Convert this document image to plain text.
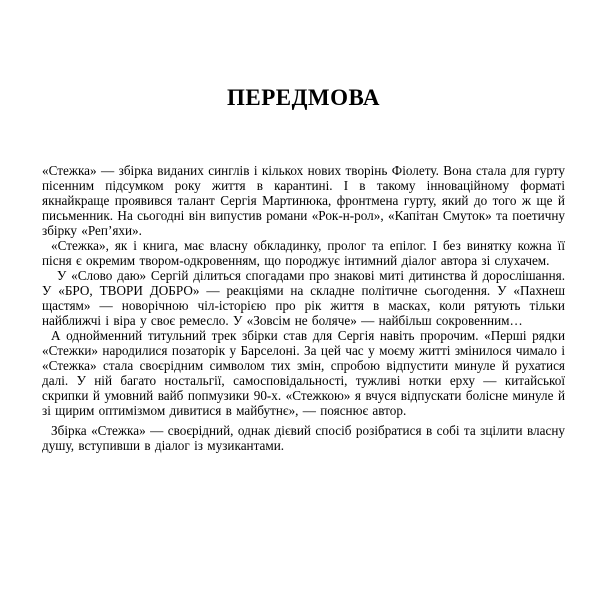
ПЕРЕДМОВА

«Стежка» — збірка виданих синглів і кількох нових творінь Фіолету. Вона стала для гурту пісенним підсумком року життя в карантині. І в такому інноваційному форматі якнайкраще проявився талант Сергія Мартинюка, фронтмена гурту, який до того ж ще й письменник. На сьогодні він випустив романи «Рок-н-рол», «Капітан Смуток» та поетичну збірку «Реп’яхи».

«Стежка», як і книга, має власну обкладинку, пролог та епілог. І без винятку кожна її пісня є окремим твором-одкровенням, що породжує інтимний діалог автора зі слухачем.

У «Слово даю» Сергій ділиться спогадами про знакові миті дитинства й дорослішання. У «БРО, ТВОРИ ДОБРО» — реакціями на складне політичне сьогодення. У «Пахнеш щастям» — новорічною чіл-історією про рік життя в масках, коли рятують тільки найближчі і віра у своє ремесло. У «Зовсім не боляче» — найбільш сокровенним…

А однойменний титульний трек збірки став для Сергія навіть пророчим. «Перші рядки «Стежки» народилися позаторік у Барселоні. За цей час у моєму житті змінилося чимало і «Стежка» стала своєрідним символом тих змін, спробою відпустити минуле й рухатися далі. У ній багато ностальгії, самосповідальності, тужливі нотки ерху — китайської скрипки й умовний вайб попмузики 90-х. «Стежкою» я вчуся відпускати болісне минуле й зі щирим оптимізмом дивитися в майбутнє», — пояснює автор.

Збірка «Стежка» — своєрідний, однак дієвий спосіб розібратися в собі та зцілити власну душу, вступивши в діалог із музикантами.
